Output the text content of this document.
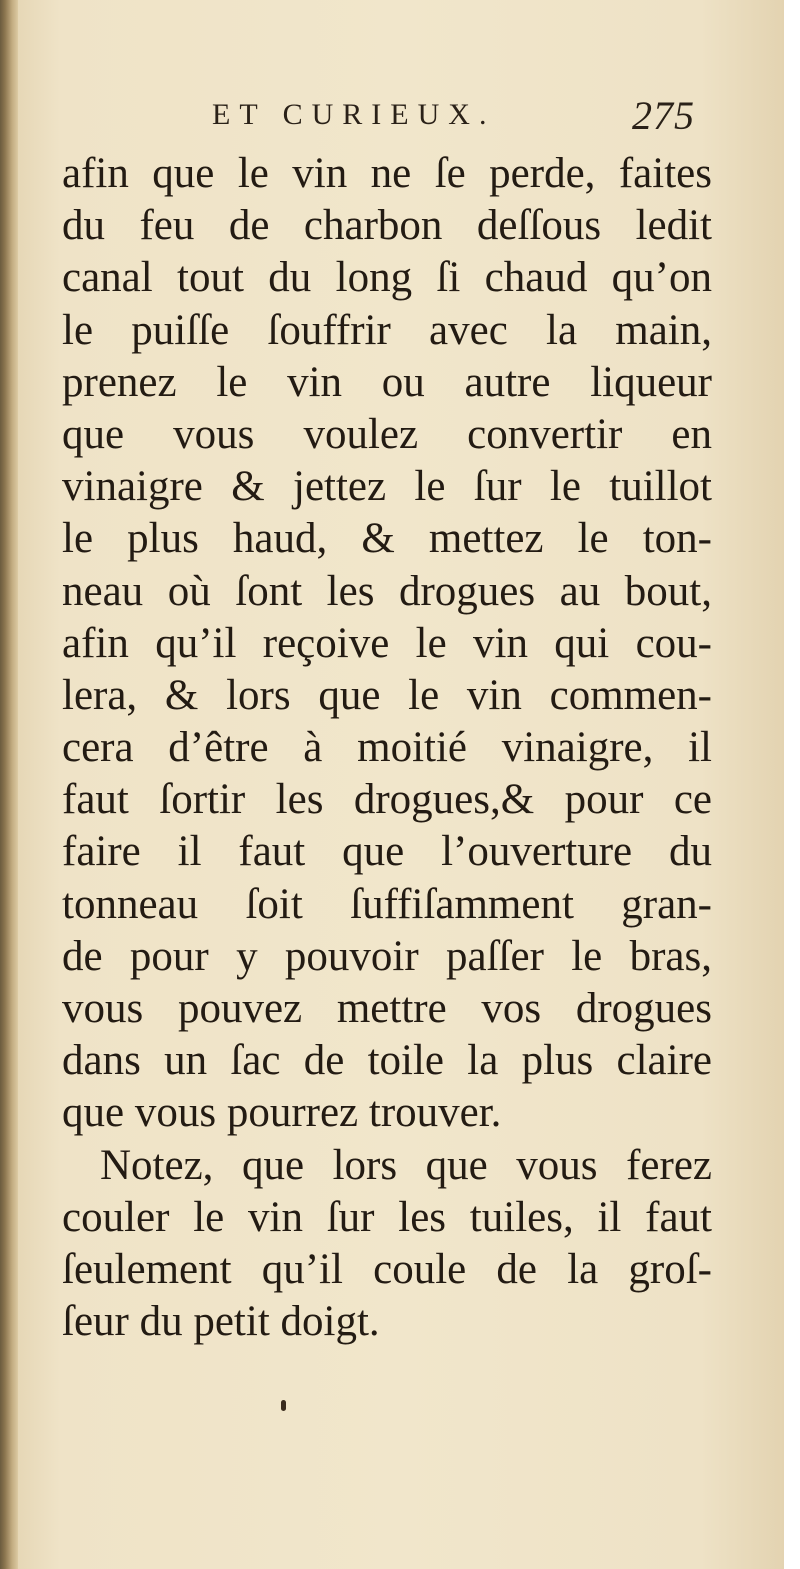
ET CURIEUX.	275
afin que le vin ne ſe perde, faites
du feu de charbon deſſous ledit
canal tout du long ſi chaud qu’on
le puiſſe ſouffrir avec la main,
prenez le vin ou autre liqueur
que vous voulez convertir en
vinaigre & jettez le ſur le tuillot
le plus haud, & mettez le ton-
neau où ſont les drogues au bout,
afin qu’il reçoive le vin qui cou-
lera, & lors que le vin commen-
cera d’être à moitié vinaigre, il
faut ſortir les drogues,& pour ce
faire il faut que l’ouverture du
tonneau ſoit ſuffiſamment gran-
de pour y pouvoir paſſer le bras,
vous pouvez mettre vos drogues
dans un ſac de toile la plus claire
que vous pourrez trouver.
Notez, que lors que vous ferez
couler le vin ſur les tuiles, il faut
ſeulement qu’il coule de la groſ-
ſeur du petit doigt.
